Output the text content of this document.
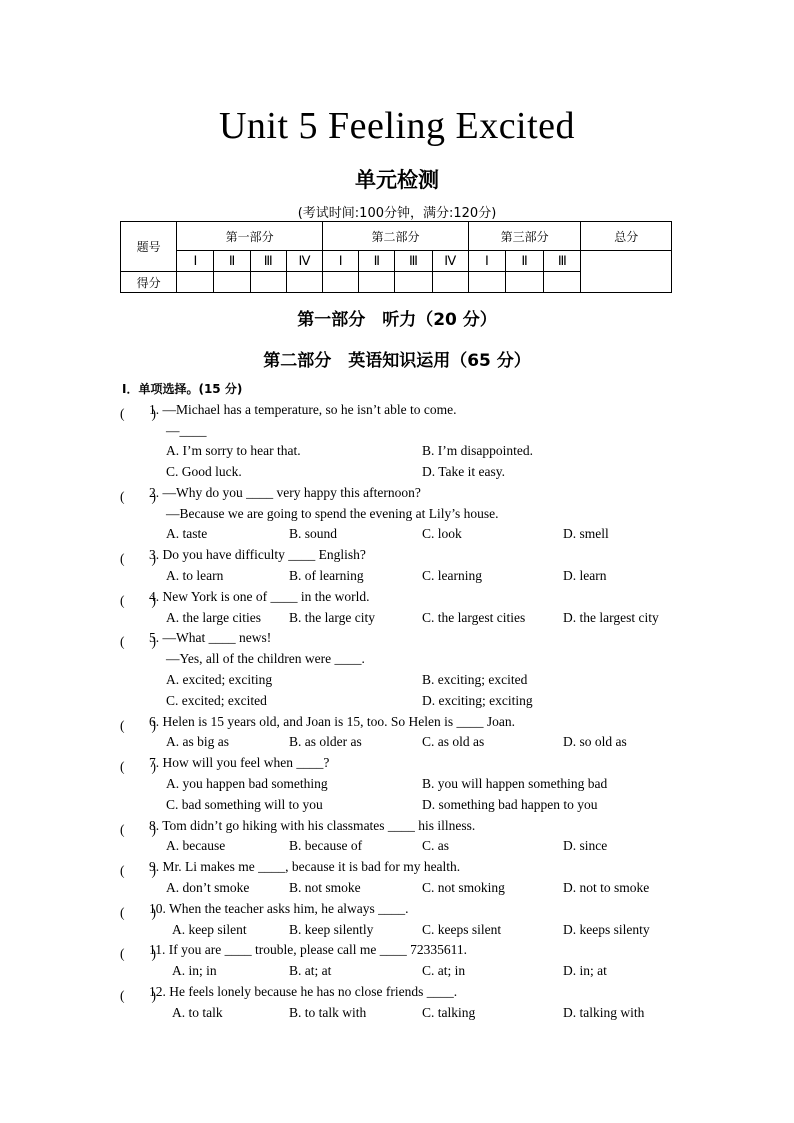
Unit 5 Feeling Excited
单元检测
(考试时间:100分钟，满分:120分)
题号	第一部分				第二部分				第三部分			总分
	Ⅰ	Ⅱ	Ⅲ	Ⅳ	Ⅰ	Ⅱ	Ⅲ	Ⅳ	Ⅰ	Ⅱ	Ⅲ	
得分												
第一部分　听力（20 分）
第二部分　英语知识运用（65 分）
Ⅰ．单项选择。(15 分)
(　　)
1. —Michael has a temperature, so he isn’t able to come.
—____
A. I’m sorry to hear that.	B. I’m disappointed.
C. Good luck.	D. Take it easy.
(　　)
2. —Why do you ____ very happy this afternoon?
—Because we are going to spend the evening at Lily’s house.
A. taste	B. sound	C. look	D. smell
(　　)
3. Do you have difficulty ____ English?
A. to learn	B. of learning	C. learning	D. learn
(　　)
4. New York is one of ____ in the world.
A. the large cities B. the large city	C. the largest cities	D. the largest city
(　　)
5. —What ____ news!
—Yes, all of the children were ____.
A. excited; exciting	B. exciting; excited
C. excited; excited	D. exciting; exciting
(　　)
6. Helen is 15 years old, and Joan is 15, too. So Helen is ____ Joan.
A. as big as	B. as older as	C. as old as	D. so old as
(　　)
7. How will you feel when ____?
A. you happen bad something	B. you will happen something bad
C. bad something will to you	D. something bad happen to you
(　　)
8. Tom didn’t go hiking with his classmates ____ his illness.
A. because	B. because of	C. as	D. since
(　　)
9. Mr. Li makes me ____, because it is bad for my health.
A. don’t smoke	B. not smoke	C. not smoking	D. not to smoke
(　　)
10. When the teacher asks him, he always ____.
A. keep silent	B. keep silently	C. keeps silent	D. keeps silenty
(　　)
11. If you are ____ trouble, please call me ____ 72335611.
A. in; in	B. at; at	C. at; in	D. in; at
(　　)
12. He feels lonely because he has no close friends ____.
A. to talk	B. to talk with	C. talking	D. talking with
